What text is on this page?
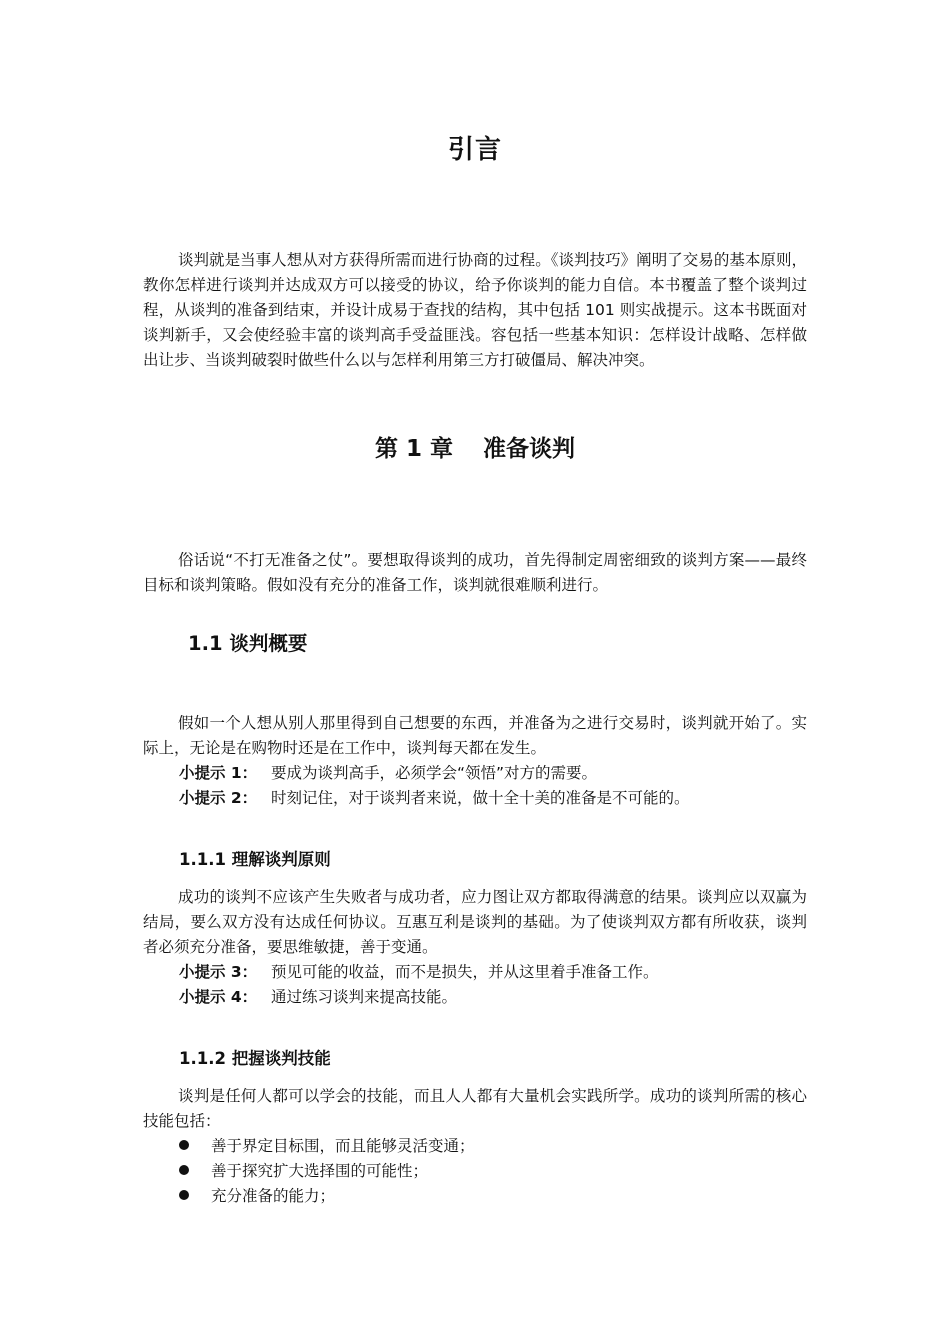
引言

谈判就是当事人想从对方获得所需而进行协商的过程。《谈判技巧》阐明了交易的基本原则，教你怎样进行谈判并达成双方可以接受的协议，给予你谈判的能力自信。本书覆盖了整个谈判过程，从谈判的准备到结束，并设计成易于查找的结构，其中包括 101 则实战提示。这本书既面对谈判新手，又会使经验丰富的谈判高手受益匪浅。容包括一些基本知识：怎样设计战略、怎样做出让步、当谈判破裂时做些什么以与怎样利用第三方打破僵局、解决冲突。

第 1 章 准备谈判

俗话说“不打无准备之仗”。要想取得谈判的成功，首先得制定周密细致的谈判方案——最终目标和谈判策略。假如没有充分的准备工作，谈判就很难顺利进行。

1.1 谈判概要

假如一个人想从别人那里得到自己想要的东西，并准备为之进行交易时，谈判就开始了。实际上，无论是在购物时还是在工作中，谈判每天都在发生。

小提示 1： 要成为谈判高手，必须学会“领悟”对方的需要。
小提示 2： 时刻记住，对于谈判者来说，做十全十美的准备是不可能的。
1.1.1 理解谈判原则

成功的谈判不应该产生失败者与成功者，应力图让双方都取得满意的结果。谈判应以双赢为结局，要么双方没有达成任何协议。互惠互利是谈判的基础。为了使谈判双方都有所收获，谈判者必须充分准备，要思维敏捷，善于变通。

小提示 3： 预见可能的收益，而不是损失，并从这里着手准备工作。
小提示 4： 通过练习谈判来提高技能。
1.1.2 把握谈判技能

谈判是任何人都可以学会的技能，而且人人都有大量机会实践所学。成功的谈判所需的核心技能包括：

善于界定目标围，而且能够灵活变通；
善于探究扩大选择围的可能性；
充分准备的能力；
